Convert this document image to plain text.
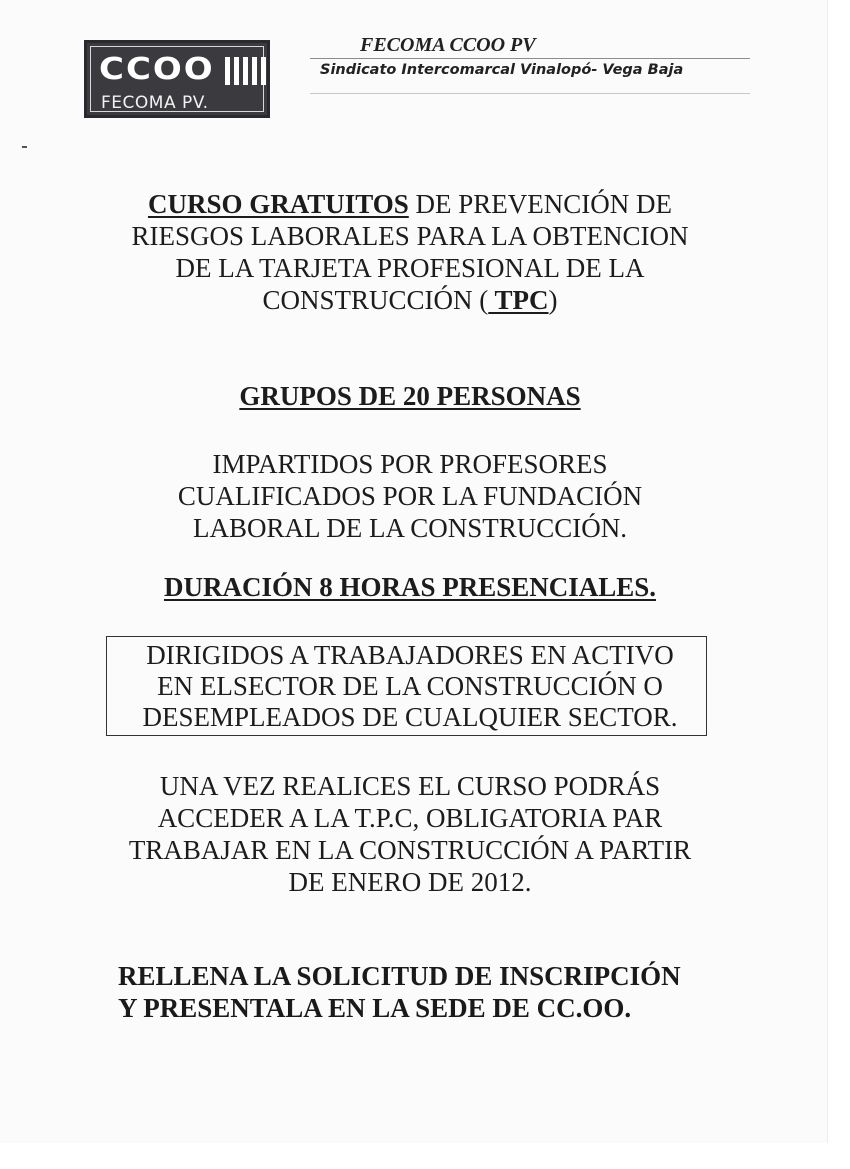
CCOO
FECOMA PV.
FECOMA CCOO PV
Sindicato Intercomarcal Vinalopó- Vega Baja
CURSO GRATUITOS DE PREVENCIÓN DE
RIESGOS LABORALES PARA LA OBTENCION
DE LA TARJETA PROFESIONAL DE LA
CONSTRUCCIÓN ( TPC)
GRUPOS DE 20 PERSONAS
IMPARTIDOS POR PROFESORES
CUALIFICADOS POR LA FUNDACIÓN
LABORAL DE LA CONSTRUCCIÓN.
DURACIÓN 8 HORAS PRESENCIALES.
DIRIGIDOS A TRABAJADORES EN ACTIVO
EN ELSECTOR DE LA CONSTRUCCIÓN O
DESEMPLEADOS DE CUALQUIER SECTOR.
UNA VEZ REALICES EL CURSO PODRÁS
ACCEDER A LA T.P.C, OBLIGATORIA PAR
TRABAJAR EN LA CONSTRUCCIÓN A PARTIR
DE ENERO DE 2012.
RELLENA LA SOLICITUD DE INSCRIPCIÓN
Y PRESENTALA EN LA SEDE DE CC.OO.
